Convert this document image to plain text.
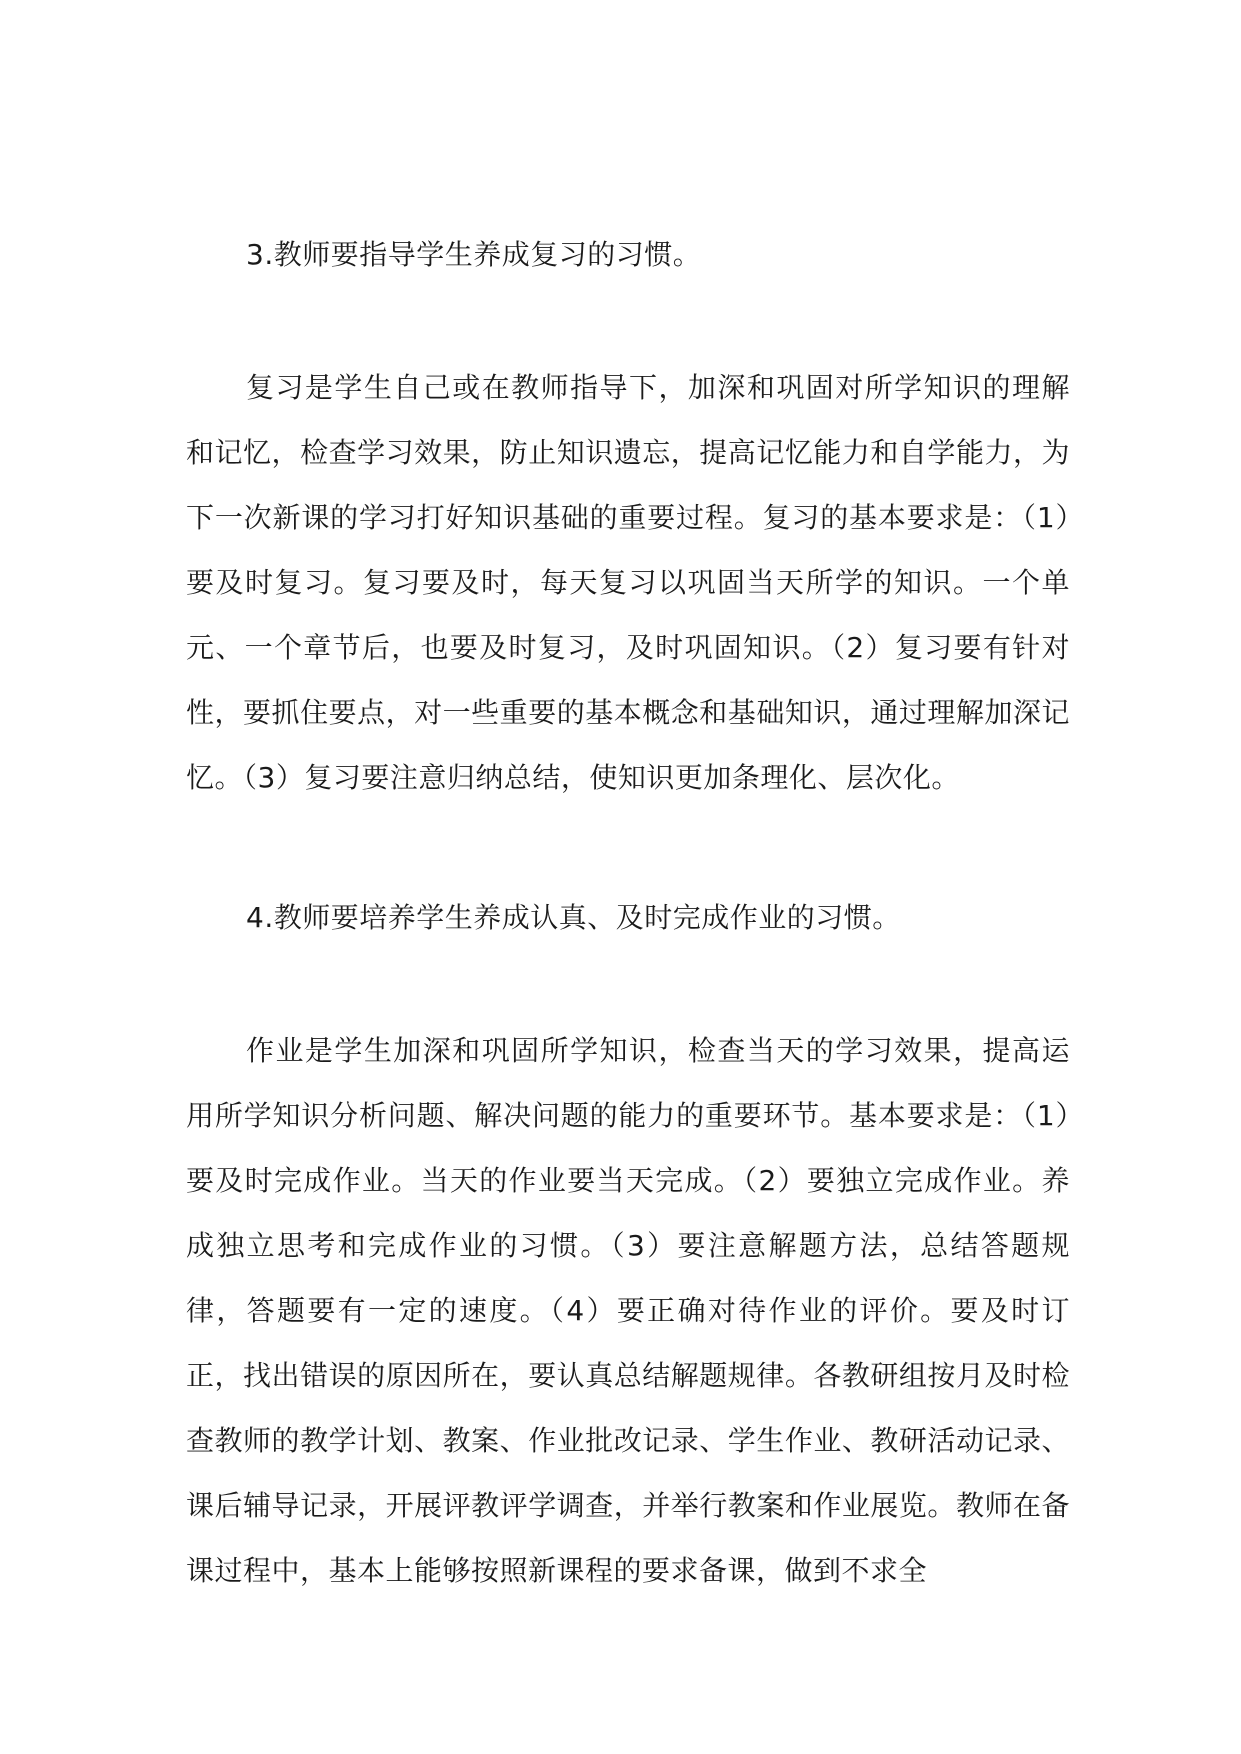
3.教师要指导学生养成复习的习惯。

复习是学生自己或在教师指导下，加深和巩固对所学知识的理解和记忆，检查学习效果，防止知识遗忘，提高记忆能力和自学能力，为下一次新课的学习打好知识基础的重要过程。复习的基本要求是：（1）要及时复习。复习要及时，每天复习以巩固当天所学的知识。一个单元、一个章节后，也要及时复习，及时巩固知识。（2）复习要有针对性，要抓住要点，对一些重要的基本概念和基础知识，通过理解加深记忆。（3）复习要注意归纳总结，使知识更加条理化、层次化。

4.教师要培养学生养成认真、及时完成作业的习惯。

作业是学生加深和巩固所学知识，检查当天的学习效果，提高运用所学知识分析问题、解决问题的能力的重要环节。基本要求是：（1）要及时完成作业。当天的作业要当天完成。（2）要独立完成作业。养成独立思考和完成作业的习惯。（3）要注意解题方法，总结答题规律，答题要有一定的速度。（4）要正确对待作业的评价。要及时订正，找出错误的原因所在，要认真总结解题规律。各教研组按月及时检查教师的教学计划、教案、作业批改记录、学生作业、教研活动记录、课后辅导记录，开展评教评学调查，并举行教案和作业展览。教师在备课过程中，基本上能够按照新课程的要求备课，做到不求全
